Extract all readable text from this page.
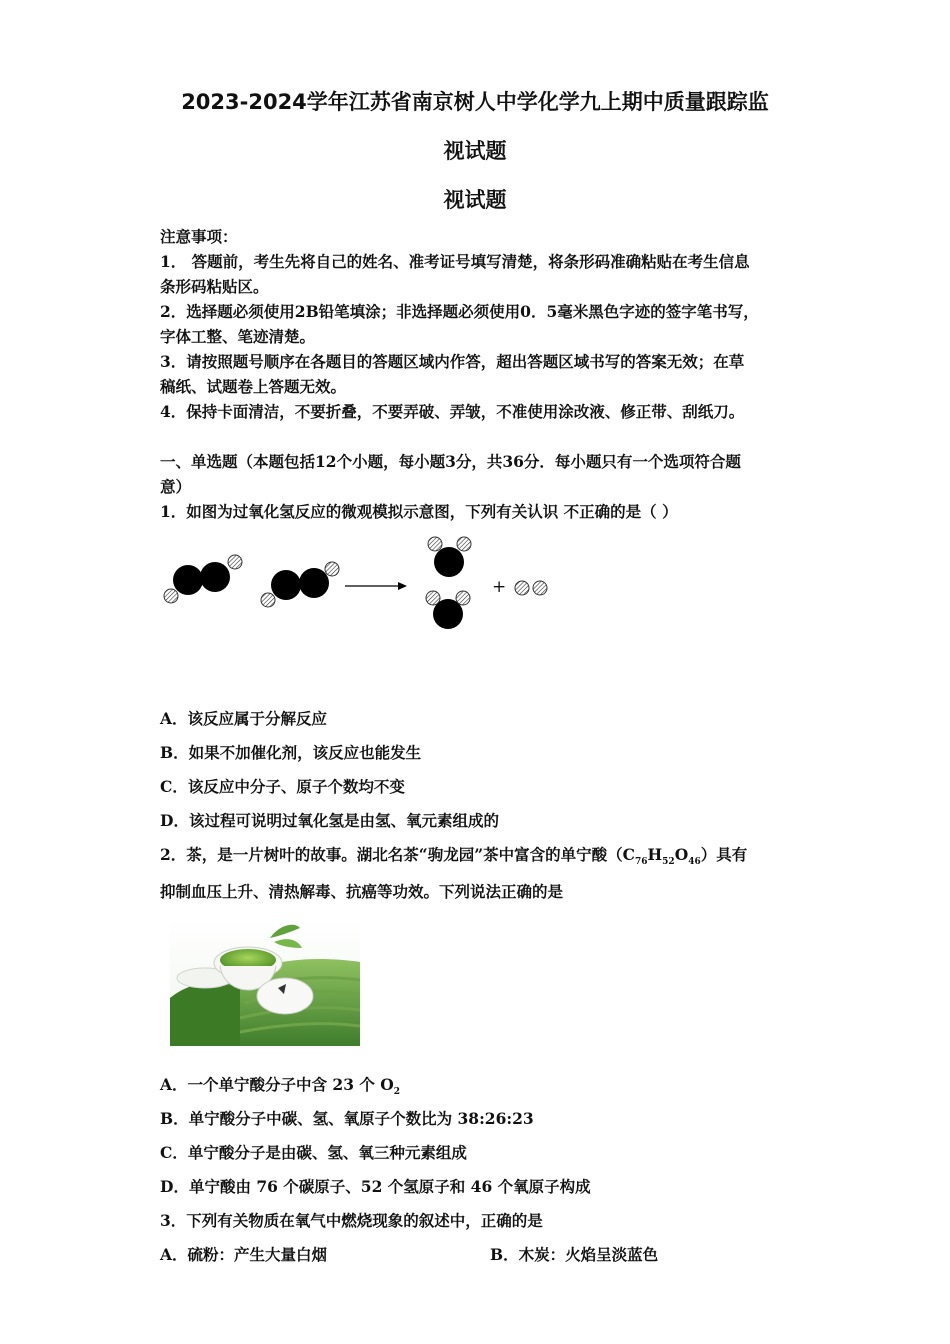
2023-2024学年江苏省南京树人中学化学九上期中质量跟踪监
视试题
视试题
注意事项：
1． 答题前，考生先将自己的姓名、准考证号填写清楚，将条形码准确粘贴在考生信息
条形码粘贴区。
2．选择题必须使用2B铅笔填涂；非选择题必须使用0．5毫米黑色字迹的签字笔书写，
字体工整、笔迹清楚。
3．请按照题号顺序在各题目的答题区域内作答，超出答题区域书写的答案无效；在草
稿纸、试题卷上答题无效。
4．保持卡面清洁，不要折叠，不要弄破、弄皱，不准使用涂改液、修正带、刮纸刀。
一、单选题（本题包括12个小题，每小题3分，共36分．每小题只有一个选项符合题
意）
1．如图为过氧化氢反应的微观模拟示意图，下列有关认识 不正确的是（ ）
+
A．该反应属于分解反应
B．如果不加催化剂，该反应也能发生
C．该反应中分子、原子个数均不变
D．该过程可说明过氧化氢是由氢、氧元素组成的
2．茶，是一片树叶的故事。湖北名茶“驹龙园”茶中富含的单宁酸$(C_{76}H_{52}O_{46})$具有
抑制血压上升、清热解毒、抗癌等功效。下列说法正确的是
A．一个单宁酸分子中含 23 个 $O_2$
B．单宁酸分子中碳、氢、氧原子个数比为 38:26:23
C．单宁酸分子是由碳、氢、氧三种元素组成
D．单宁酸由 76 个碳原子、52 个氢原子和 46 个氧原子构成
3．下列有关物质在氧气中燃烧现象的叙述中，正确的是
A．硫粉：产生大量白烟	B．木炭：火焰呈淡蓝色
